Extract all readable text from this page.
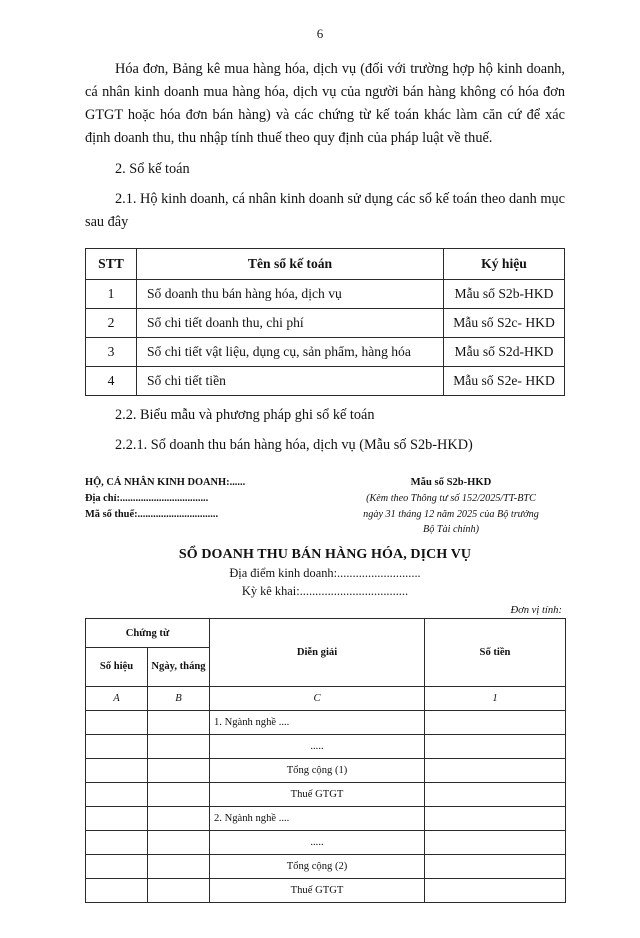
6

Hóa đơn, Bảng kê mua hàng hóa, dịch vụ (đối với trường hợp hộ kinh doanh, cá nhân kinh doanh mua hàng hóa, dịch vụ của người bán hàng không có hóa đơn GTGT hoặc hóa đơn bán hàng) và các chứng từ kế toán khác làm căn cứ để xác định doanh thu, thu nhập tính thuế theo quy định của pháp luật về thuế.

2. Sổ kế toán

2.1. Hộ kinh doanh, cá nhân kinh doanh sử dụng các sổ kế toán theo danh mục sau đây

STT	Tên sổ kế toán	Ký hiệu
1	Sổ doanh thu bán hàng hóa, dịch vụ	Mẫu số S2b-HKD
2	Sổ chi tiết doanh thu, chi phí	Mẫu số S2c- HKD
3	Sổ chi tiết vật liệu, dụng cụ, sản phẩm, hàng hóa	Mẫu số S2d-HKD
4	Sổ chi tiết tiền	Mẫu số S2e- HKD

2.2. Biểu mẫu và phương pháp ghi sổ kế toán

2.2.1. Sổ doanh thu bán hàng hóa, dịch vụ (Mẫu số S2b-HKD)

HỘ, CÁ NHÂN KINH DOANH:......
Địa chỉ:..................................
Mã số thuế:...............................
Mẫu số S2b-HKD
(Kèm theo Thông tư số 152/2025/TT-BTC
ngày 31 tháng 12 năm 2025 của Bộ trưởng
Bộ Tài chính)
SỔ DOANH THU BÁN HÀNG HÓA, DỊCH VỤ
Địa điểm kinh doanh:...........................
Kỳ kê khai:...................................
Đơn vị tính:
Chứng từ		Diễn giải	Số tiền
Số hiệu	Ngày, tháng		
A	B	C	1
		1. Ngành nghề ....	
		.....	
		Tổng cộng (1)	
		Thuế GTGT	
		2. Ngành nghề ....	
		.....	
		Tổng cộng (2)	
		Thuế GTGT	
